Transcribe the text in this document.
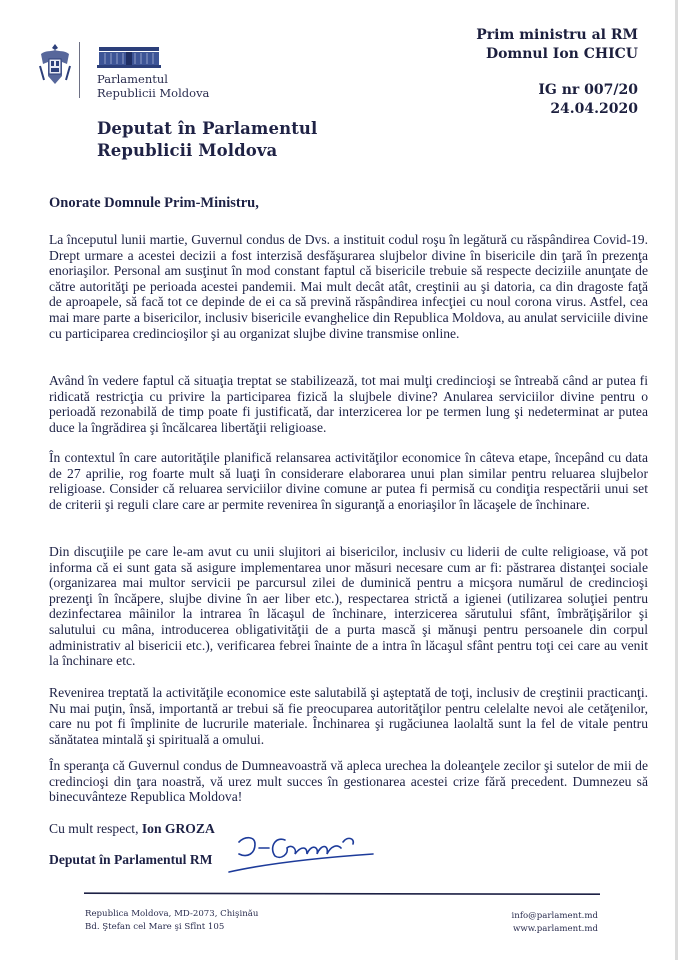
Parlamentul
Republicii Moldova
Deputat în Parlamentul
Republicii Moldova
Prim ministru al RM
Domnul Ion CHICU
IG nr 007/20
24.04.2020
Onorate Domnule Prim-Ministru,

La începutul lunii martie, Guvernul condus de Dvs. a instituit codul roşu în legătură cu răspândirea Covid-19. Drept urmare a acestei decizii a fost interzisă desfăşurarea slujbelor divine în bisericile din ţară în prezenţa enoriaşilor. Personal am susţinut în mod constant faptul că bisericile trebuie să respecte deciziile anunţate de către autorităţi pe perioada acestei pandemii. Mai mult decât atât, creştinii au şi datoria, ca din dragoste faţă de aproapele, să facă tot ce depinde de ei ca să prevină răspândirea infecţiei cu noul corona virus. Astfel, cea mai mare parte a bisericilor, inclusiv bisericile evanghelice din Republica Moldova, au anulat serviciile divine cu participarea credincioşilor şi au organizat slujbe divine transmise online.

Având în vedere faptul că situaţia treptat se stabilizează, tot mai mulţi credincioşi se întreabă când ar putea fi ridicată restricţia cu privire la participarea fizică la slujbele divine? Anularea serviciilor divine pentru o perioadă rezonabilă de timp poate fi justificată, dar interzicerea lor pe termen lung şi nedeterminat ar putea duce la îngrădirea şi încălcarea libertăţii religioase.

În contextul în care autorităţile planifică relansarea activităţilor economice în câteva etape, începând cu data de 27 aprilie, rog foarte mult să luaţi în considerare elaborarea unui plan similar pentru reluarea slujbelor religioase. Consider că reluarea serviciilor divine comune ar putea fi permisă cu condiţia respectării unui set de criterii şi reguli clare care ar permite revenirea în siguranţă a enoriaşilor în lăcaşele de închinare.

Din discuţiile pe care le-am avut cu unii slujitori ai bisericilor, inclusiv cu liderii de culte religioase, vă pot informa că ei sunt gata să asigure implementarea unor măsuri necesare cum ar fi: păstrarea distanţei sociale (organizarea mai multor servicii pe parcursul zilei de duminică pentru a micşora numărul de credincioşi prezenţi în încăpere, slujbe divine în aer liber etc.), respectarea strictă a igienei (utilizarea soluţiei pentru dezinfectarea mâinilor la intrarea în lăcaşul de închinare, interzicerea sărutului sfânt, îmbrăţişărilor şi salutului cu mâna, introducerea obligativităţii de a purta mască şi mănuşi pentru persoanele din corpul administrativ al bisericii etc.), verificarea febrei înainte de a intra în lăcaşul sfânt pentru toţi cei care au venit la închinare etc.

Revenirea treptată la activităţile economice este salutabilă şi aşteptată de toţi, inclusiv de creştinii practicanţi. Nu mai puţin, însă, importantă ar trebui să fie preocuparea autorităţilor pentru celelalte nevoi ale cetăţenilor, care nu pot fi împlinite de lucrurile materiale. Închinarea şi rugăciunea laolaltă sunt la fel de vitale pentru sănătatea mintală şi spirituală a omului.

În speranţa că Guvernul condus de Dumneavoastră vă apleca urechea la doleanţele zecilor şi sutelor de mii de credincioşi din ţara noastră, vă urez mult succes în gestionarea acestei crize fără precedent. Dumnezeu să binecuvânteze Republica Moldova!

Cu mult respect, Ion GROZA
Deputat în Parlamentul RM
Republica Moldova, MD-2073, Chişinău
Bd. Ştefan cel Mare şi Sfînt 105
info@parlament.md
www.parlament.md
